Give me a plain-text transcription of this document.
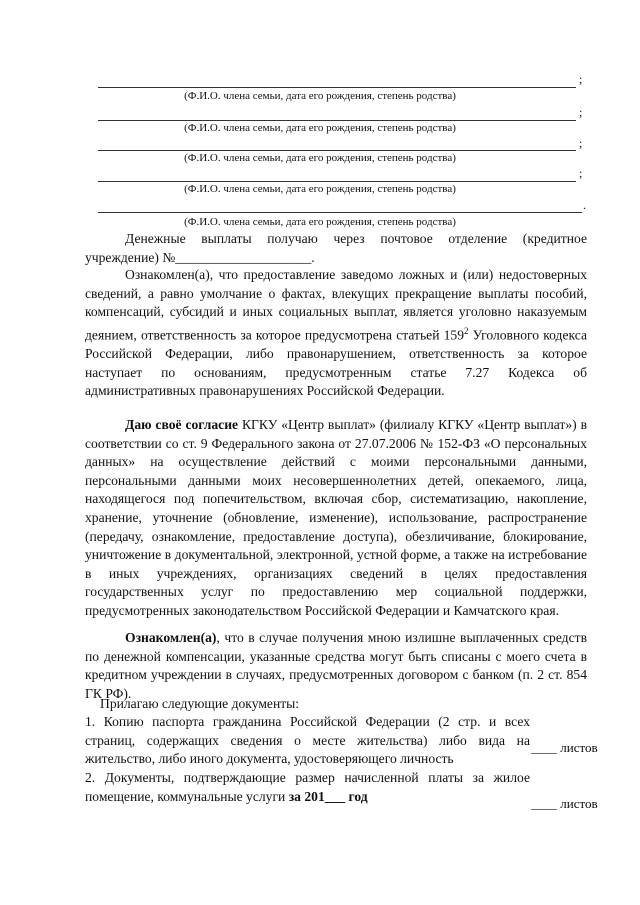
;
(Ф.И.О. члена семьи, дата его рождения, степень родства)
;
(Ф.И.О. члена семьи, дата его рождения, степень родства)
;
(Ф.И.О. члена семьи, дата его рождения, степень родства)
;
(Ф.И.О. члена семьи, дата его рождения, степень родства)
.
(Ф.И.О. члена семьи, дата его рождения, степень родства)

Денежные выплаты получаю через почтовое отделение (кредитное учреждение) №____________________.

Ознакомлен(а), что предоставление заведомо ложных и (или) недостоверных сведений, а равно умолчание о фактах, влекущих прекращение выплаты пособий, компенсаций, субсидий и иных социальных выплат, является уголовно наказуемым деянием, ответственность за которое предусмотрена статьей $159^2$ Уголовного кодекса Российской Федерации, либо правонарушением, ответственность за которое наступает по основаниям, предусмотренным статье 7.27 Кодекса об административных правонарушениях Российской Федерации.

Даю своё согласие КГКУ «Центр выплат» (филиалу КГКУ «Центр выплат») в соответствии со ст. 9 Федерального закона от 27.07.2006 № 152-ФЗ «О персональных данных» на осуществление действий с моими персональными данными, персональными данными моих несовершеннолетних детей, опекаемого, лица, находящегося под попечительством, включая сбор, систематизацию, накопление, хранение, уточнение (обновление, изменение), использование, распространение (передачу, ознакомление, предоставление доступа), обезличивание, блокирование, уничтожение в документальной, электронной, устной форме, а также на истребование в иных учреждениях, организациях сведений в целях предоставления государственных услуг по предоставлению мер социальной поддержки, предусмотренных законодательством Российской Федерации и Камчатского края.

Ознакомлен(а), что в случае получения мною излишне выплаченных средств по денежной компенсации, указанные средства могут быть списаны с моего счета в кредитном учреждении в случаях, предусмотренных договором с банком (п. 2 ст. 854 ГК РФ).

Прилагаю следующие документы:
1. Копию паспорта гражданина Российской Федерации (2 стр. и всех страниц, содержащих сведения о месте жительства) либо вида на жительство, либо иного документа, удостоверяющего личность
____ листов
2. Документы, подтверждающие размер начисленной платы за жилое помещение, коммунальные услуги за 201___ год	____ листов
